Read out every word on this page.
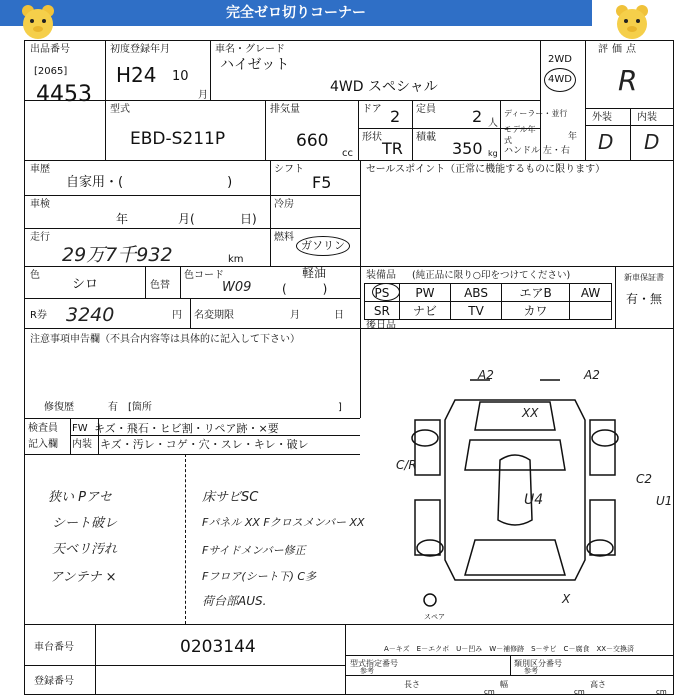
完全ゼロ切りコーナー
出品番号
[2065]
4453
初度登録年月
H24 10
月
車名・グレード
ハイゼット
4WD スペシャル
2WD
4WD
評価点
R
外装	内装
D D
型式
EBD-S211P
排気量
660
cc
ドア 2 定員 2 人
ディーラー・並行
モデル年式	年
形状
TR
積載
350 kg ハンドル 左・右
車歴
自家用・(　　　　　　　　)
シフト
F5
車検
年	月(	日)
冷房
走行
29万7千932	km
燃料
ガソリン
色
シロ	色替
色コード
W09
軽油
(　　　)
R券 3240	円 名変期限	月	日
セールスポイント（正常に機能するものに限ります）
装備品 (純正品に限り○印をつけてください)	新車保証書
有・無
PS	PW	ABS	エアB	AW
SR	ナビ	TV	カワ	
後日品
注意事項申告欄（不具合内容等は具体的に記入して下さい）
修復歴	有　[箇所	]
検査員 FW キズ・飛石・ヒビ割・リペア跡・×要
記入欄 内装 キズ・汚レ・コゲ・穴・スレ・キレ・破レ
狭い Pアセ
シート破レ
天ベリ汚れ
アンテナ ×
床サビSC
Fパネル XX Fクロスメンバー XX
Fサイドメンバー修正
Fフロア(シート下) C多
荷台部AUS.
A2	A2
XX
C/R
U4
C2
U1
X
スペア
A－キズ　E－エクボ　U－凹み　W－補修跡　S－サビ　C－腐食　XX－交換済
車台番号	0203144
登録番号
型式指定番号
参考
類別区分番号
参考
長さ
cm
幅
cm
高さ
cm
